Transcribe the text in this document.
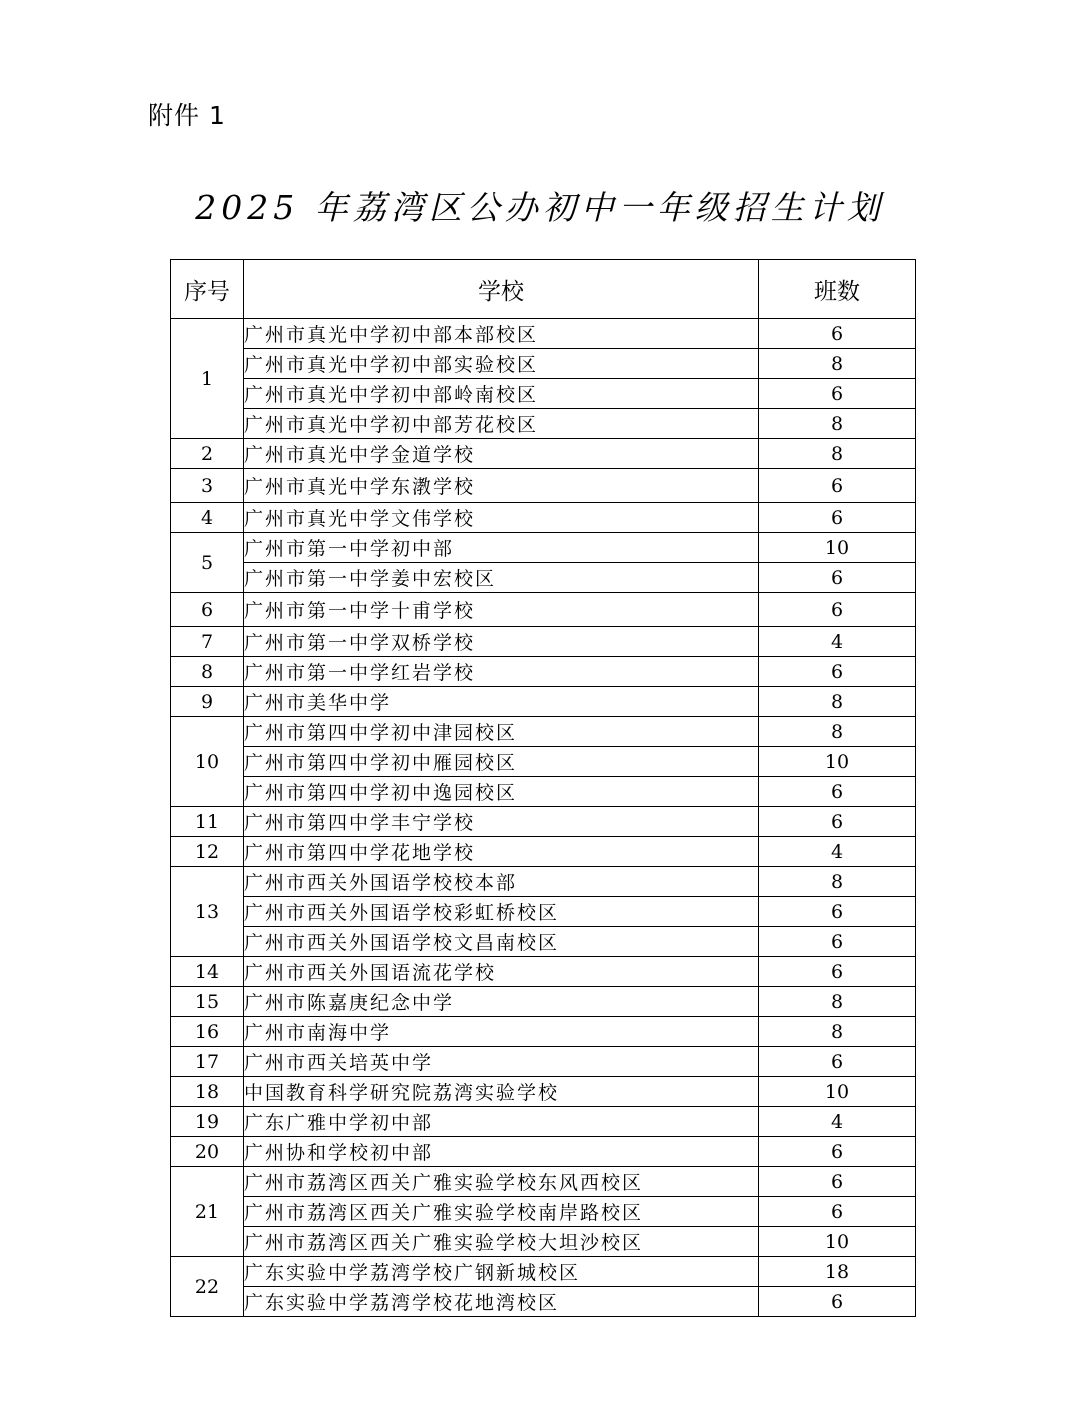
附件 1
2025 年荔湾区公办初中一年级招生计划
序号	学校	班数
1	广州市真光中学初中部本部校区	6
	广州市真光中学初中部实验校区	8
	广州市真光中学初中部岭南校区	6
	广州市真光中学初中部芳花校区	8
2	广州市真光中学金道学校	8
3	广州市真光中学东漖学校	6
4	广州市真光中学文伟学校	6
5	广州市第一中学初中部	10
	广州市第一中学姜中宏校区	6
6	广州市第一中学十甫学校	6
7	广州市第一中学双桥学校	4
8	广州市第一中学红岩学校	6
9	广州市美华中学	8
10	广州市第四中学初中津园校区	8
	广州市第四中学初中雁园校区	10
	广州市第四中学初中逸园校区	6
11	广州市第四中学丰宁学校	6
12	广州市第四中学花地学校	4
13	广州市西关外国语学校校本部	8
	广州市西关外国语学校彩虹桥校区	6
	广州市西关外国语学校文昌南校区	6
14	广州市西关外国语流花学校	6
15	广州市陈嘉庚纪念中学	8
16	广州市南海中学	8
17	广州市西关培英中学	6
18	中国教育科学研究院荔湾实验学校	10
19	广东广雅中学初中部	4
20	广州协和学校初中部	6
21	广州市荔湾区西关广雅实验学校东风西校区	6
	广州市荔湾区西关广雅实验学校南岸路校区	6
	广州市荔湾区西关广雅实验学校大坦沙校区	10
22	广东实验中学荔湾学校广钢新城校区	18
	广东实验中学荔湾学校花地湾校区	6
